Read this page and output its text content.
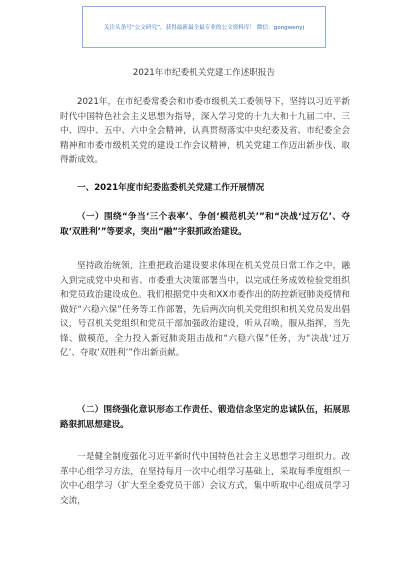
关注头条号“公文研究”，获得最新最全最专业的公文资料库！ 微信：gongwenyj
2021年市纪委机关党建工作述职报告

2021年，在市纪委常委会和市委市级机关工委领导下，坚持以习近平新时代中国特色社会主义思想为指导，深入学习党的十九大和十九届二中、三中、四中、五中、六中全会精神，认真贯彻落实中央纪委及省、市纪委全会精神和市委市级机关党的建设工作会议精神，机关党建工作迈出新步伐、取得新成效。

一、2021年度市纪委监委机关党建工作开展情况

（一）围绕“争当‘三个表率’、争创‘模范机关’”和“决战‘过万亿’、夺取‘双胜利’”等要求，突出“融”字狠抓政治建设。

坚持政治统领，注重把政治建设要求体现在机关党员日常工作之中，融入到完成党中央和省、市委重大决策部署当中，以完成任务成效检验党组织和党员政治建设成色。我们根据党中央和XX市委作出的防控新冠肺炎疫情和做好“六稳六保”任务等工作部署，先后两次向机关党组织和机关党员发出倡议，号召机关党组织和党员干部加强政治建设，听从召唤，服从指挥，当先锋、做模范，全力投入新冠肺炎阻击战和“六稳六保”任务，为“决战‘过万亿’、夺取‘双胜利’”作出新贡献。

（二）围绕强化意识形态工作责任、锻造信念坚定的忠诚队伍，拓展思路狠抓思想建设。

一是健全制度强化习近平新时代中国特色社会主义思想学习组织力。改革中心组学习方法，在坚持每月一次中心组学习基础上，采取每季度组织一次中心组学习（扩大至全委党员干部）会议方式，集中听取中心组成员学习交流，
